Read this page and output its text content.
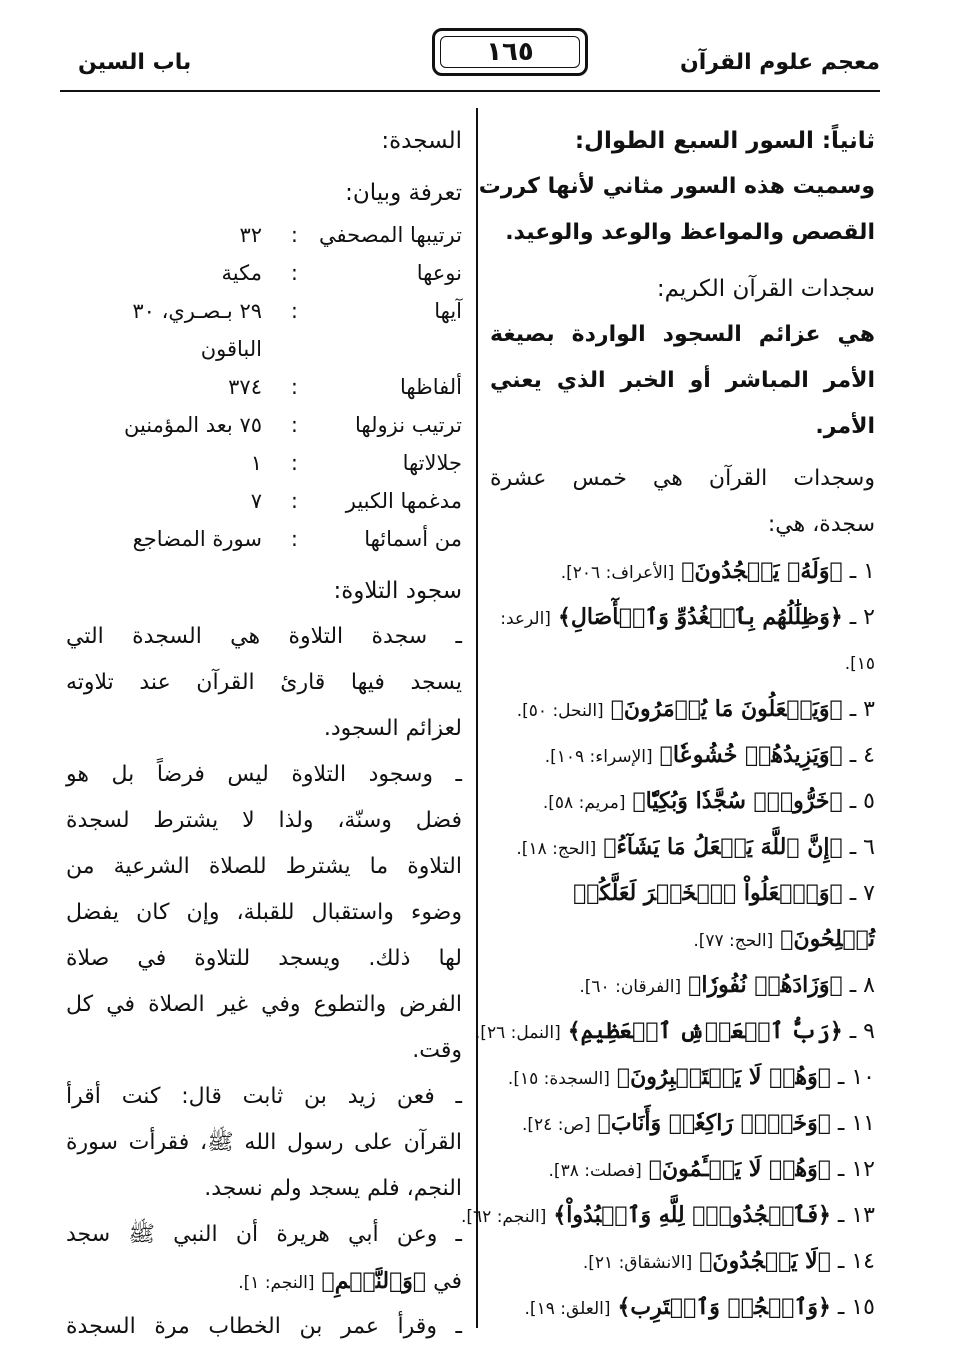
معجم علوم القرآن
١٦٥
باب السين
ثانياً: السور السبع الطوال:
وسميت هذه السور مثاني لأنها كررت
القصص والمواعظ والوعد والوعيد.
سجدات القرآن الكريم:
هي عزائم السجود الواردة بصيغة
الأمر المباشر أو الخبر الذي يعني
الأمر.
وسجدات القرآن هي خمس عشرة
سجدة، هي:
١ ـ ﴿وَلَهُۥ يَسۡجُدُونَ﴾ [الأعراف: ٢٠٦].
٢ ـ ﴿وَظِلَٰلُهُم بِٱلۡغُدُوِّ وَٱلۡأٓصَالِ﴾ [الرعد:
١٥].
٣ ـ ﴿وَيَفۡعَلُونَ مَا يُؤۡمَرُونَ﴾ [النحل: ٥٠].
٤ ـ ﴿وَيَزِيدُهُمۡ خُشُوعٗا﴾ [الإسراء: ١٠٩].
٥ ـ ﴿خَرُّواْۤ سُجَّدٗا وَبُكِيّٗا﴾ [مريم: ٥٨].
٦ ـ ﴿إِنَّ ٱللَّهَ يَفۡعَلُ مَا يَشَآءُ﴾ [الحج: ١٨].
٧ ـ ﴿وَٱفۡعَلُواْ ٱلۡخَيۡرَ لَعَلَّكُمۡ
تُفۡلِحُونَ﴾ [الحج: ٧٧].
٨ ـ ﴿وَزَادَهُمۡ نُفُورٗا﴾ [الفرقان: ٦٠].
٩ ـ ﴿رَبُّ ٱلۡعَرۡشِ ٱلۡعَظِيمِ﴾ [النمل: ٢٦].
١٠ ـ ﴿وَهُمۡ لَا يَسۡتَكۡبِرُونَ﴾ [السجدة: ١٥].
١١ ـ ﴿وَخَرَّۤ رَاكِعٗاۤ وَأَنَابَ﴾ [ص: ٢٤].
١٢ ـ ﴿وَهُمۡ لَا يَسۡـَٔمُونَ﴾ [فصلت: ٣٨].
١٣ ـ ﴿فَٱسۡجُدُواْۤ لِلَّهِ وَٱعۡبُدُواْ﴾ [النجم: ٦٢].
١٤ ـ ﴿لَا يَسۡجُدُونَ﴾ [الانشقاق: ٢١].
١٥ ـ ﴿وَٱسۡجُدۡ وَٱقۡتَرِب﴾ [العلق: ١٩].
السجدة:
تعرفة وبيان:
ترتيبها المصحفي
:
٣٢
نوعها
:
مكية
آيها
:
٢٩ بـصـري، ٣٠
الباقون
ألفاظها
:
٣٧٤
ترتيب نزولها
:
٧٥ بعد المؤمنين
جلالاتها
:
١
مدغمها الكبير
:
٧
من أسمائها
:
سورة المضاجع
سجود التلاوة:
ـ سجدة التلاوة هي السجدة التي
يسجد فيها قارئ القرآن عند تلاوته
لعزائم السجود.
ـ وسجود التلاوة ليس فرضاً بل هو
فضل وسنّة، ولذا لا يشترط لسجدة
التلاوة ما يشترط للصلاة الشرعية من
وضوء واستقبال للقبلة، وإن كان يفضل
لها ذلك. ويسجد للتلاوة في صلاة
الفرض والتطوع وفي غير الصلاة في كل
وقت.
ـ فعن زيد بن ثابت قال: كنت أقرأ
القرآن على رسول الله ﷺ، فقرأت سورة
النجم، فلم يسجد ولم نسجد.
ـ وعن أبي هريرة أن النبي ﷺ سجد
في ﴿وَٱلنَّجۡمِ﴾ [النجم: ١].
ـ وقرأ عمر بن الخطاب مرة السجدة
